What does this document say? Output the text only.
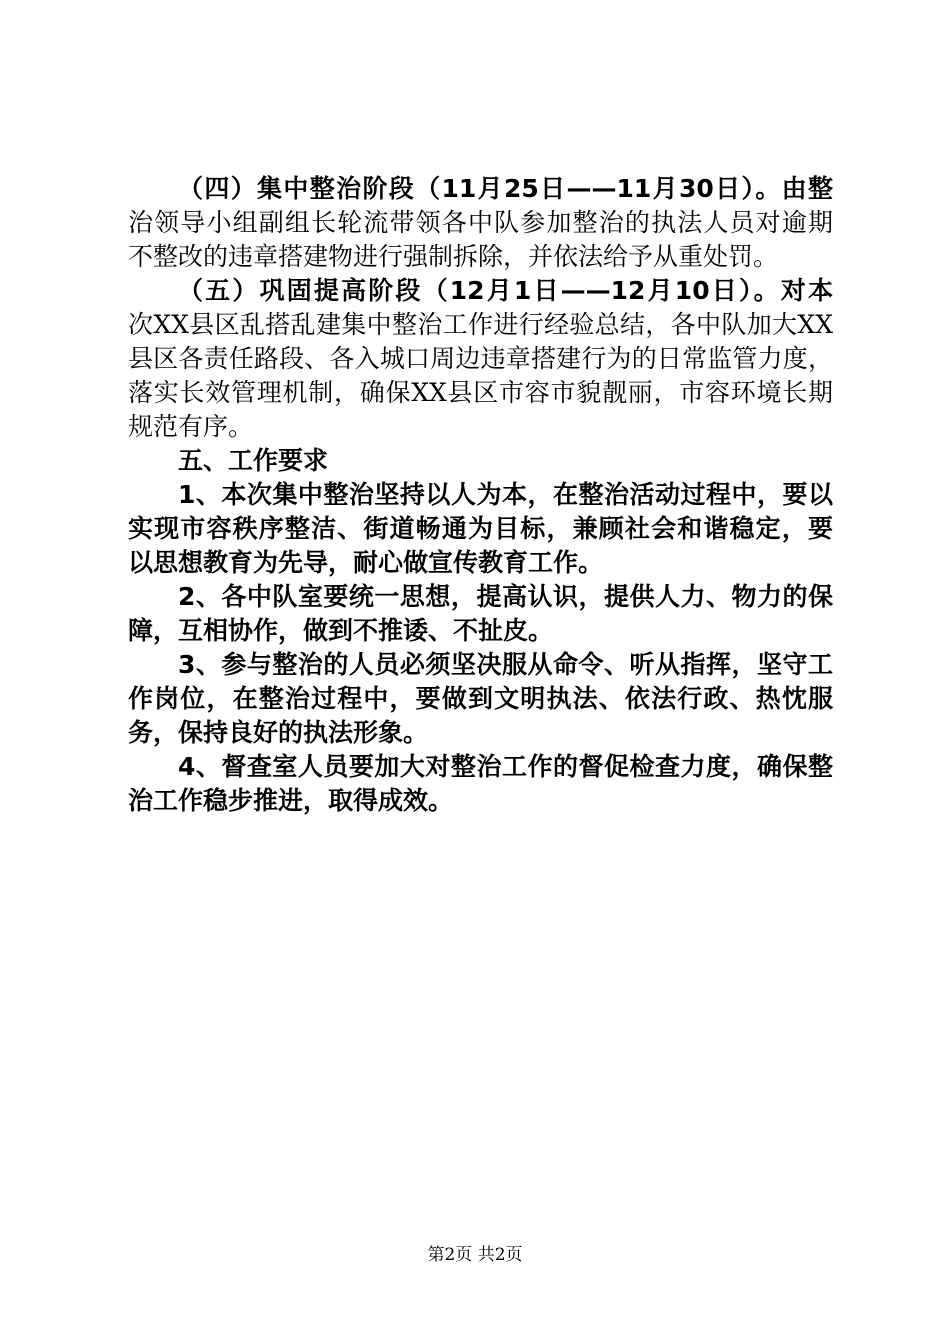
（四）集中整治阶段（11月25日——11月30日）。由整
治领导小组副组长轮流带领各中队参加整治的执法人员对逾期
不整改的违章搭建物进行强制拆除，并依法给予从重处罚。
（五）巩固提高阶段（12月1日——12月10日）。对本
次XX县区乱搭乱建集中整治工作进行经验总结，各中队加大XX
县区各责任路段、各入城口周边违章搭建行为的日常监管力度，
落实长效管理机制，确保XX县区市容市貌靓丽，市容环境长期
规范有序。
五、工作要求
1、本次集中整治坚持以人为本，在整治活动过程中，要以
实现市容秩序整洁、街道畅通为目标，兼顾社会和谐稳定，要
以思想教育为先导，耐心做宣传教育工作。
2、各中队室要统一思想，提高认识，提供人力、物力的保
障，互相协作，做到不推诿、不扯皮。
3、参与整治的人员必须坚决服从命令、听从指挥，坚守工
作岗位，在整治过程中，要做到文明执法、依法行政、热忱服
务，保持良好的执法形象。
4、督查室人员要加大对整治工作的督促检查力度，确保整
治工作稳步推进，取得成效。
第2页 共2页
